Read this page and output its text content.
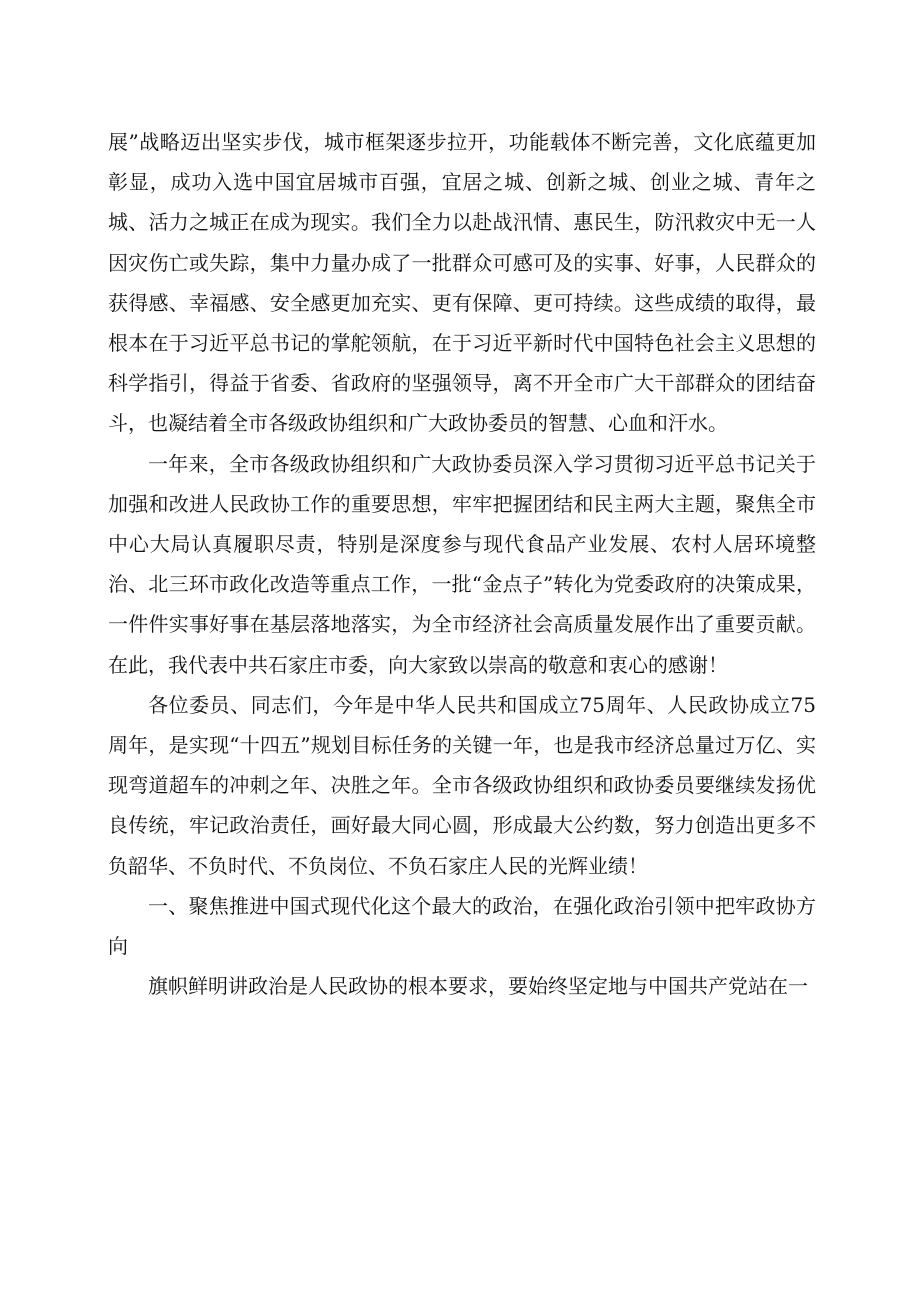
展”战略迈出坚实步伐，城市框架逐步拉开，功能载体不断完善，文化底蕴更加彰显，成功入选中国宜居城市百强，宜居之城、创新之城、创业之城、青年之城、活力之城正在成为现实。我们全力以赴战汛情、惠民生，防汛救灾中无一人因灾伤亡或失踪，集中力量办成了一批群众可感可及的实事、好事，人民群众的获得感、幸福感、安全感更加充实、更有保障、更可持续。这些成绩的取得，最根本在于习近平总书记的掌舵领航，在于习近平新时代中国特色社会主义思想的科学指引，得益于省委、省政府的坚强领导，离不开全市广大干部群众的团结奋斗，也凝结着全市各级政协组织和广大政协委员的智慧、心血和汗水。

一年来，全市各级政协组织和广大政协委员深入学习贯彻习近平总书记关于加强和改进人民政协工作的重要思想，牢牢把握团结和民主两大主题，聚焦全市中心大局认真履职尽责，特别是深度参与现代食品产业发展、农村人居环境整治、北三环市政化改造等重点工作，一批“金点子”转化为党委政府的决策成果，一件件实事好事在基层落地落实，为全市经济社会高质量发展作出了重要贡献。在此，我代表中共石家庄市委，向大家致以崇高的敬意和衷心的感谢！

各位委员、同志们，今年是中华人民共和国成立75周年、人民政协成立75周年，是实现“十四五”规划目标任务的关键一年，也是我市经济总量过万亿、实现弯道超车的冲刺之年、决胜之年。全市各级政协组织和政协委员要继续发扬优良传统，牢记政治责任，画好最大同心圆，形成最大公约数，努力创造出更多不负韶华、不负时代、不负岗位、不负石家庄人民的光辉业绩！

一、聚焦推进中国式现代化这个最大的政治，在强化政治引领中把牢政协方向

旗帜鲜明讲政治是人民政协的根本要求，要始终坚定地与中国共产党站在一
